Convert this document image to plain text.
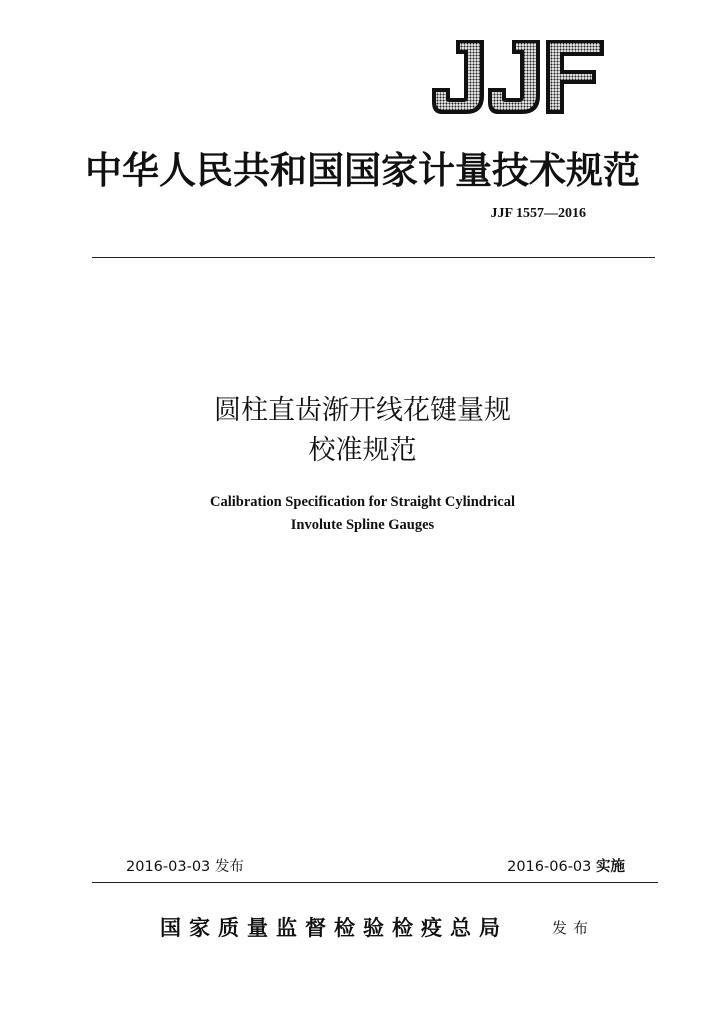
中华人民共和国国家计量技术规范
JJF 1557—2016
圆柱直齿渐开线花键量规
校准规范
Calibration Specification for Straight Cylindrical
Involute Spline Gauges
2016-03-03 发布	2016-06-03 实施
国家质量监督检验检疫总局	发布
